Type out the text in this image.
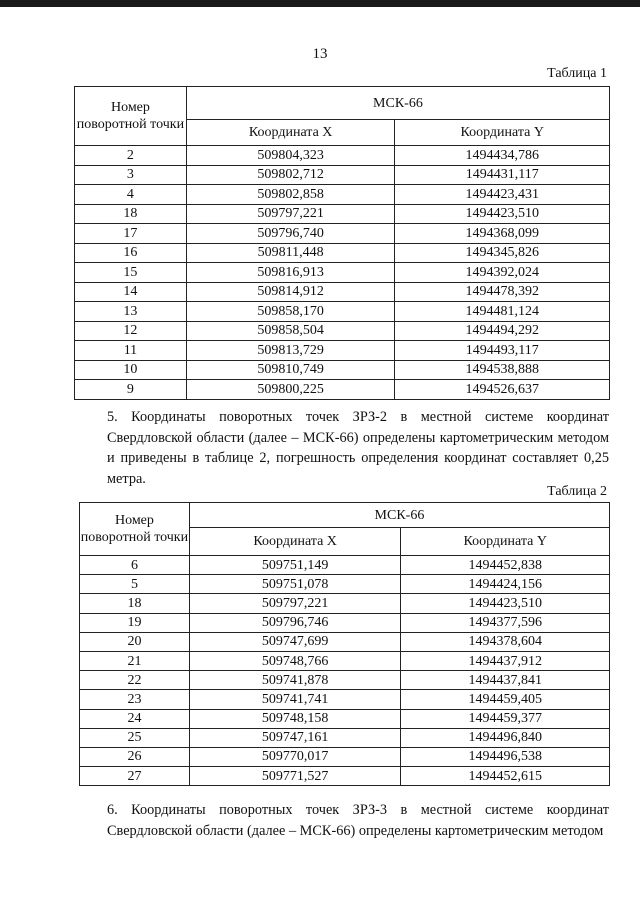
13
Таблица 1
Номер поворотной точки	МСК-66	
	Координата X	Координата Y
2	509804,323	1494434,786
3	509802,712	1494431,117
4	509802,858	1494423,431
18	509797,221	1494423,510
17	509796,740	1494368,099
16	509811,448	1494345,826
15	509816,913	1494392,024
14	509814,912	1494478,392
13	509858,170	1494481,124
12	509858,504	1494494,292
11	509813,729	1494493,117
10	509810,749	1494538,888
9	509800,225	1494526,637
5. Координаты поворотных точек ЗРЗ-2 в местной системе координат Свердловской области (далее – МСК-66) определены картометрическим методом и приведены в таблице 2, погрешность определения координат составляет 0,25 метра.
Таблица 2
Номер поворотной точки	МСК-66	
	Координата X	Координата Y
6	509751,149	1494452,838
5	509751,078	1494424,156
18	509797,221	1494423,510
19	509796,746	1494377,596
20	509747,699	1494378,604
21	509748,766	1494437,912
22	509741,878	1494437,841
23	509741,741	1494459,405
24	509748,158	1494459,377
25	509747,161	1494496,840
26	509770,017	1494496,538
27	509771,527	1494452,615
6. Координаты поворотных точек ЗРЗ-3 в местной системе координат Свердловской области (далее – МСК-66) определены картометрическим методом
